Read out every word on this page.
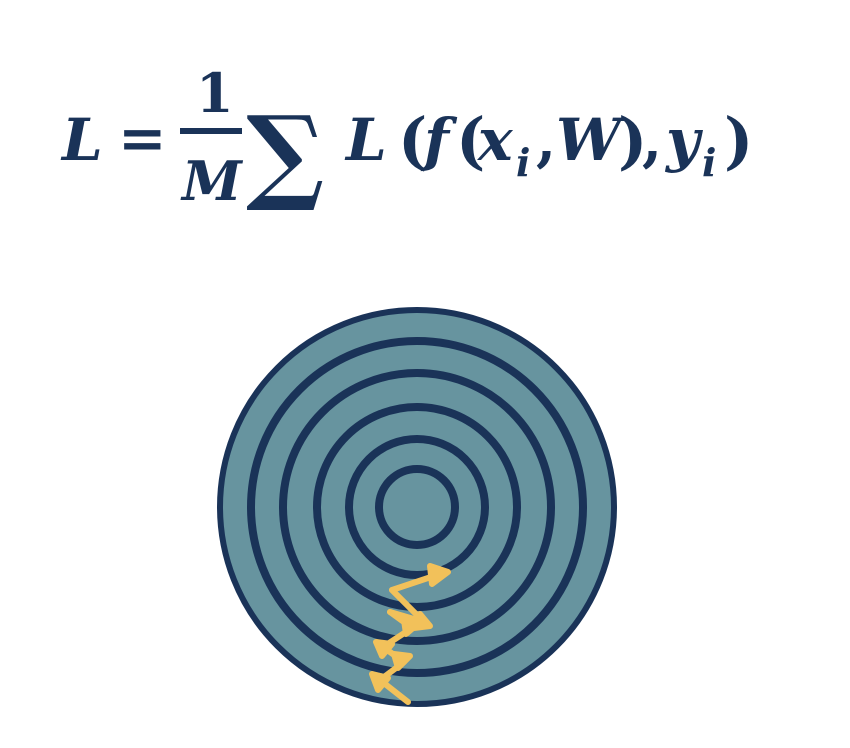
L =
1
M ∑ L (
f (
x i , W
)
, y i )
